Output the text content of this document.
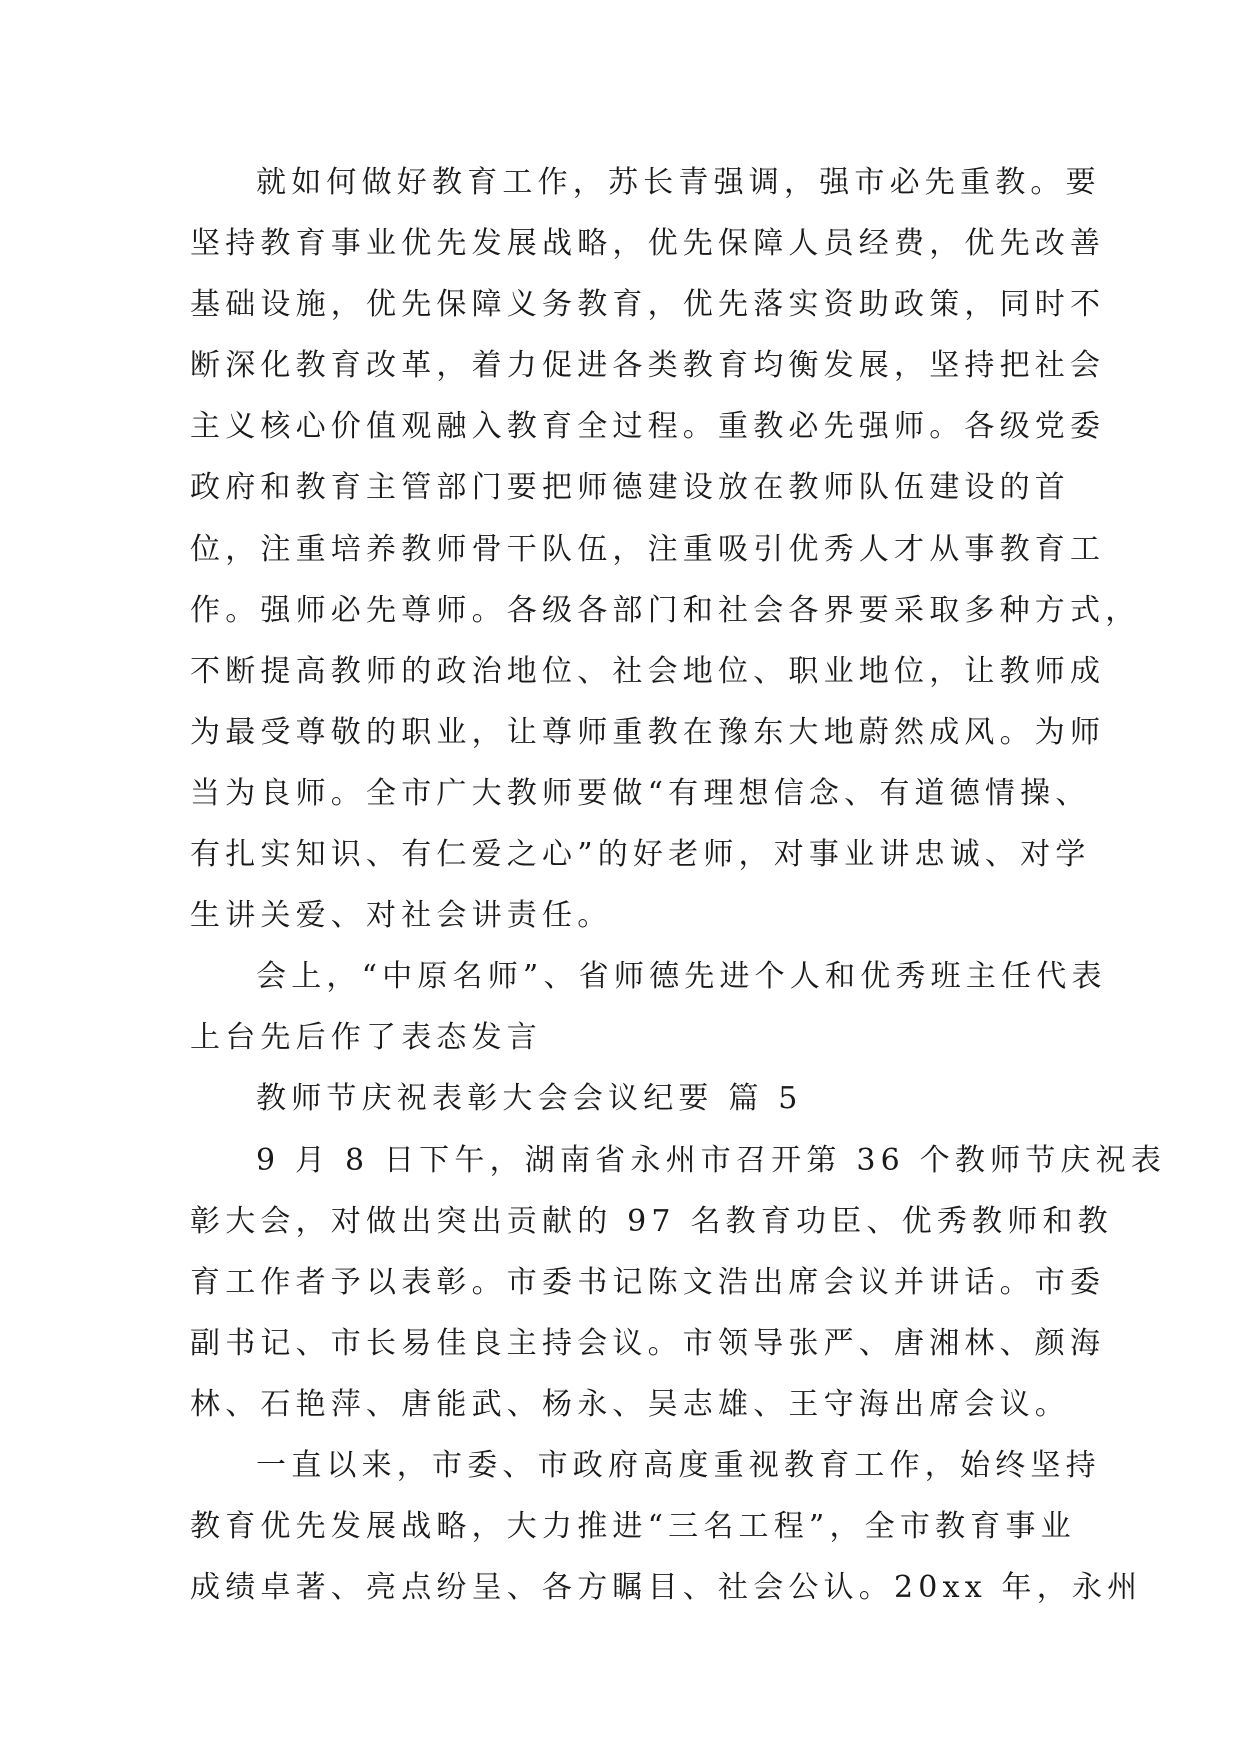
就如何做好教育工作，苏长青强调，强市必先重教。要
坚持教育事业优先发展战略，优先保障人员经费，优先改善
基础设施，优先保障义务教育，优先落实资助政策，同时不
断深化教育改革，着力促进各类教育均衡发展，坚持把社会
主义核心价值观融入教育全过程。重教必先强师。各级党委
政府和教育主管部门要把师德建设放在教师队伍建设的首
位，注重培养教师骨干队伍，注重吸引优秀人才从事教育工
作。强师必先尊师。各级各部门和社会各界要采取多种方式，
不断提高教师的政治地位、社会地位、职业地位，让教师成
为最受尊敬的职业，让尊师重教在豫东大地蔚然成风。为师
当为良师。全市广大教师要做“有理想信念、有道德情操、
有扎实知识、有仁爱之心”的好老师，对事业讲忠诚、对学
生讲关爱、对社会讲责任。
会上，“中原名师”、省师德先进个人和优秀班主任代表
上台先后作了表态发言
教师节庆祝表彰大会会议纪要 篇 5
9 月 8 日下午，湖南省永州市召开第 36 个教师节庆祝表
彰大会，对做出突出贡献的 97 名教育功臣、优秀教师和教
育工作者予以表彰。市委书记陈文浩出席会议并讲话。市委
副书记、市长易佳良主持会议。市领导张严、唐湘林、颜海
林、石艳萍、唐能武、杨永、吴志雄、王守海出席会议。
一直以来，市委、市政府高度重视教育工作，始终坚持
教育优先发展战略，大力推进“三名工程”，全市教育事业
成绩卓著、亮点纷呈、各方瞩目、社会公认。20xx 年，永州
